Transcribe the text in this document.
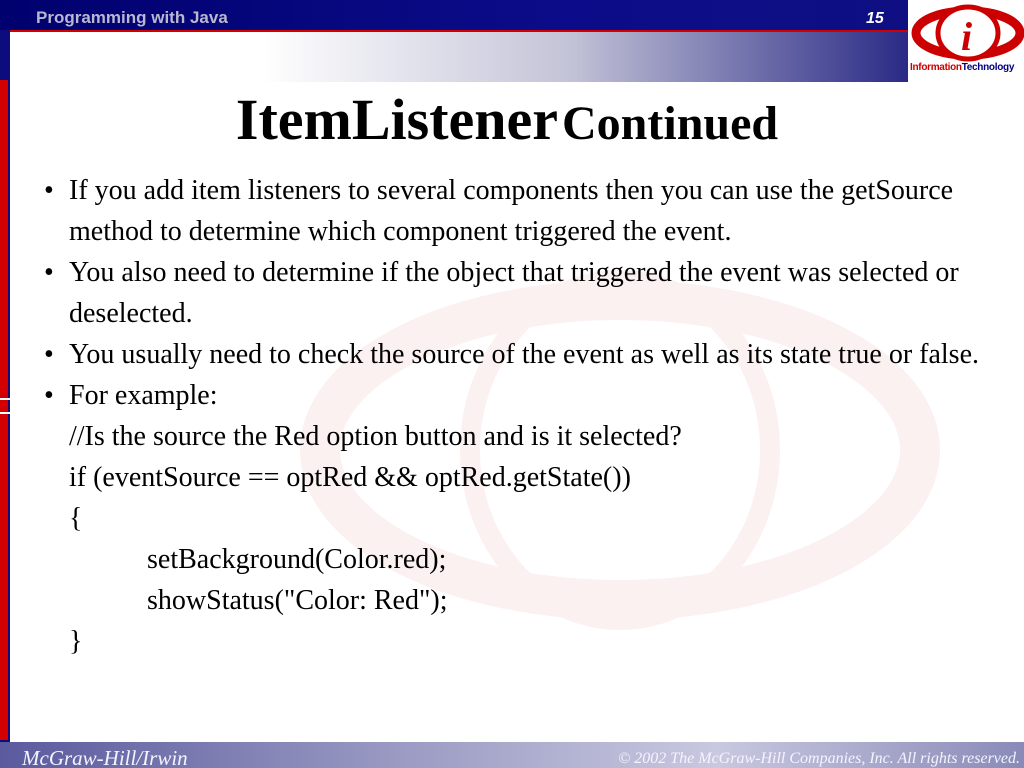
Programming with Java	15 i
InformationTechnology
ItemListener Continued
• If you add item listeners to several components then you can use the getSource method to determine which component triggered the event.
• You also need to determine if the object that triggered the event was selected or deselected.
• You usually need to check the source of the event as well as its state true or false.
• For example:
//Is the source the Red option button and is it selected?
if (eventSource == optRed && optRed.getState())
{
setBackground(Color.red);
showStatus("Color: Red");
}
McGraw-Hill/Irwin	© 2002 The McGraw-Hill Companies, Inc. All rights reserved.
